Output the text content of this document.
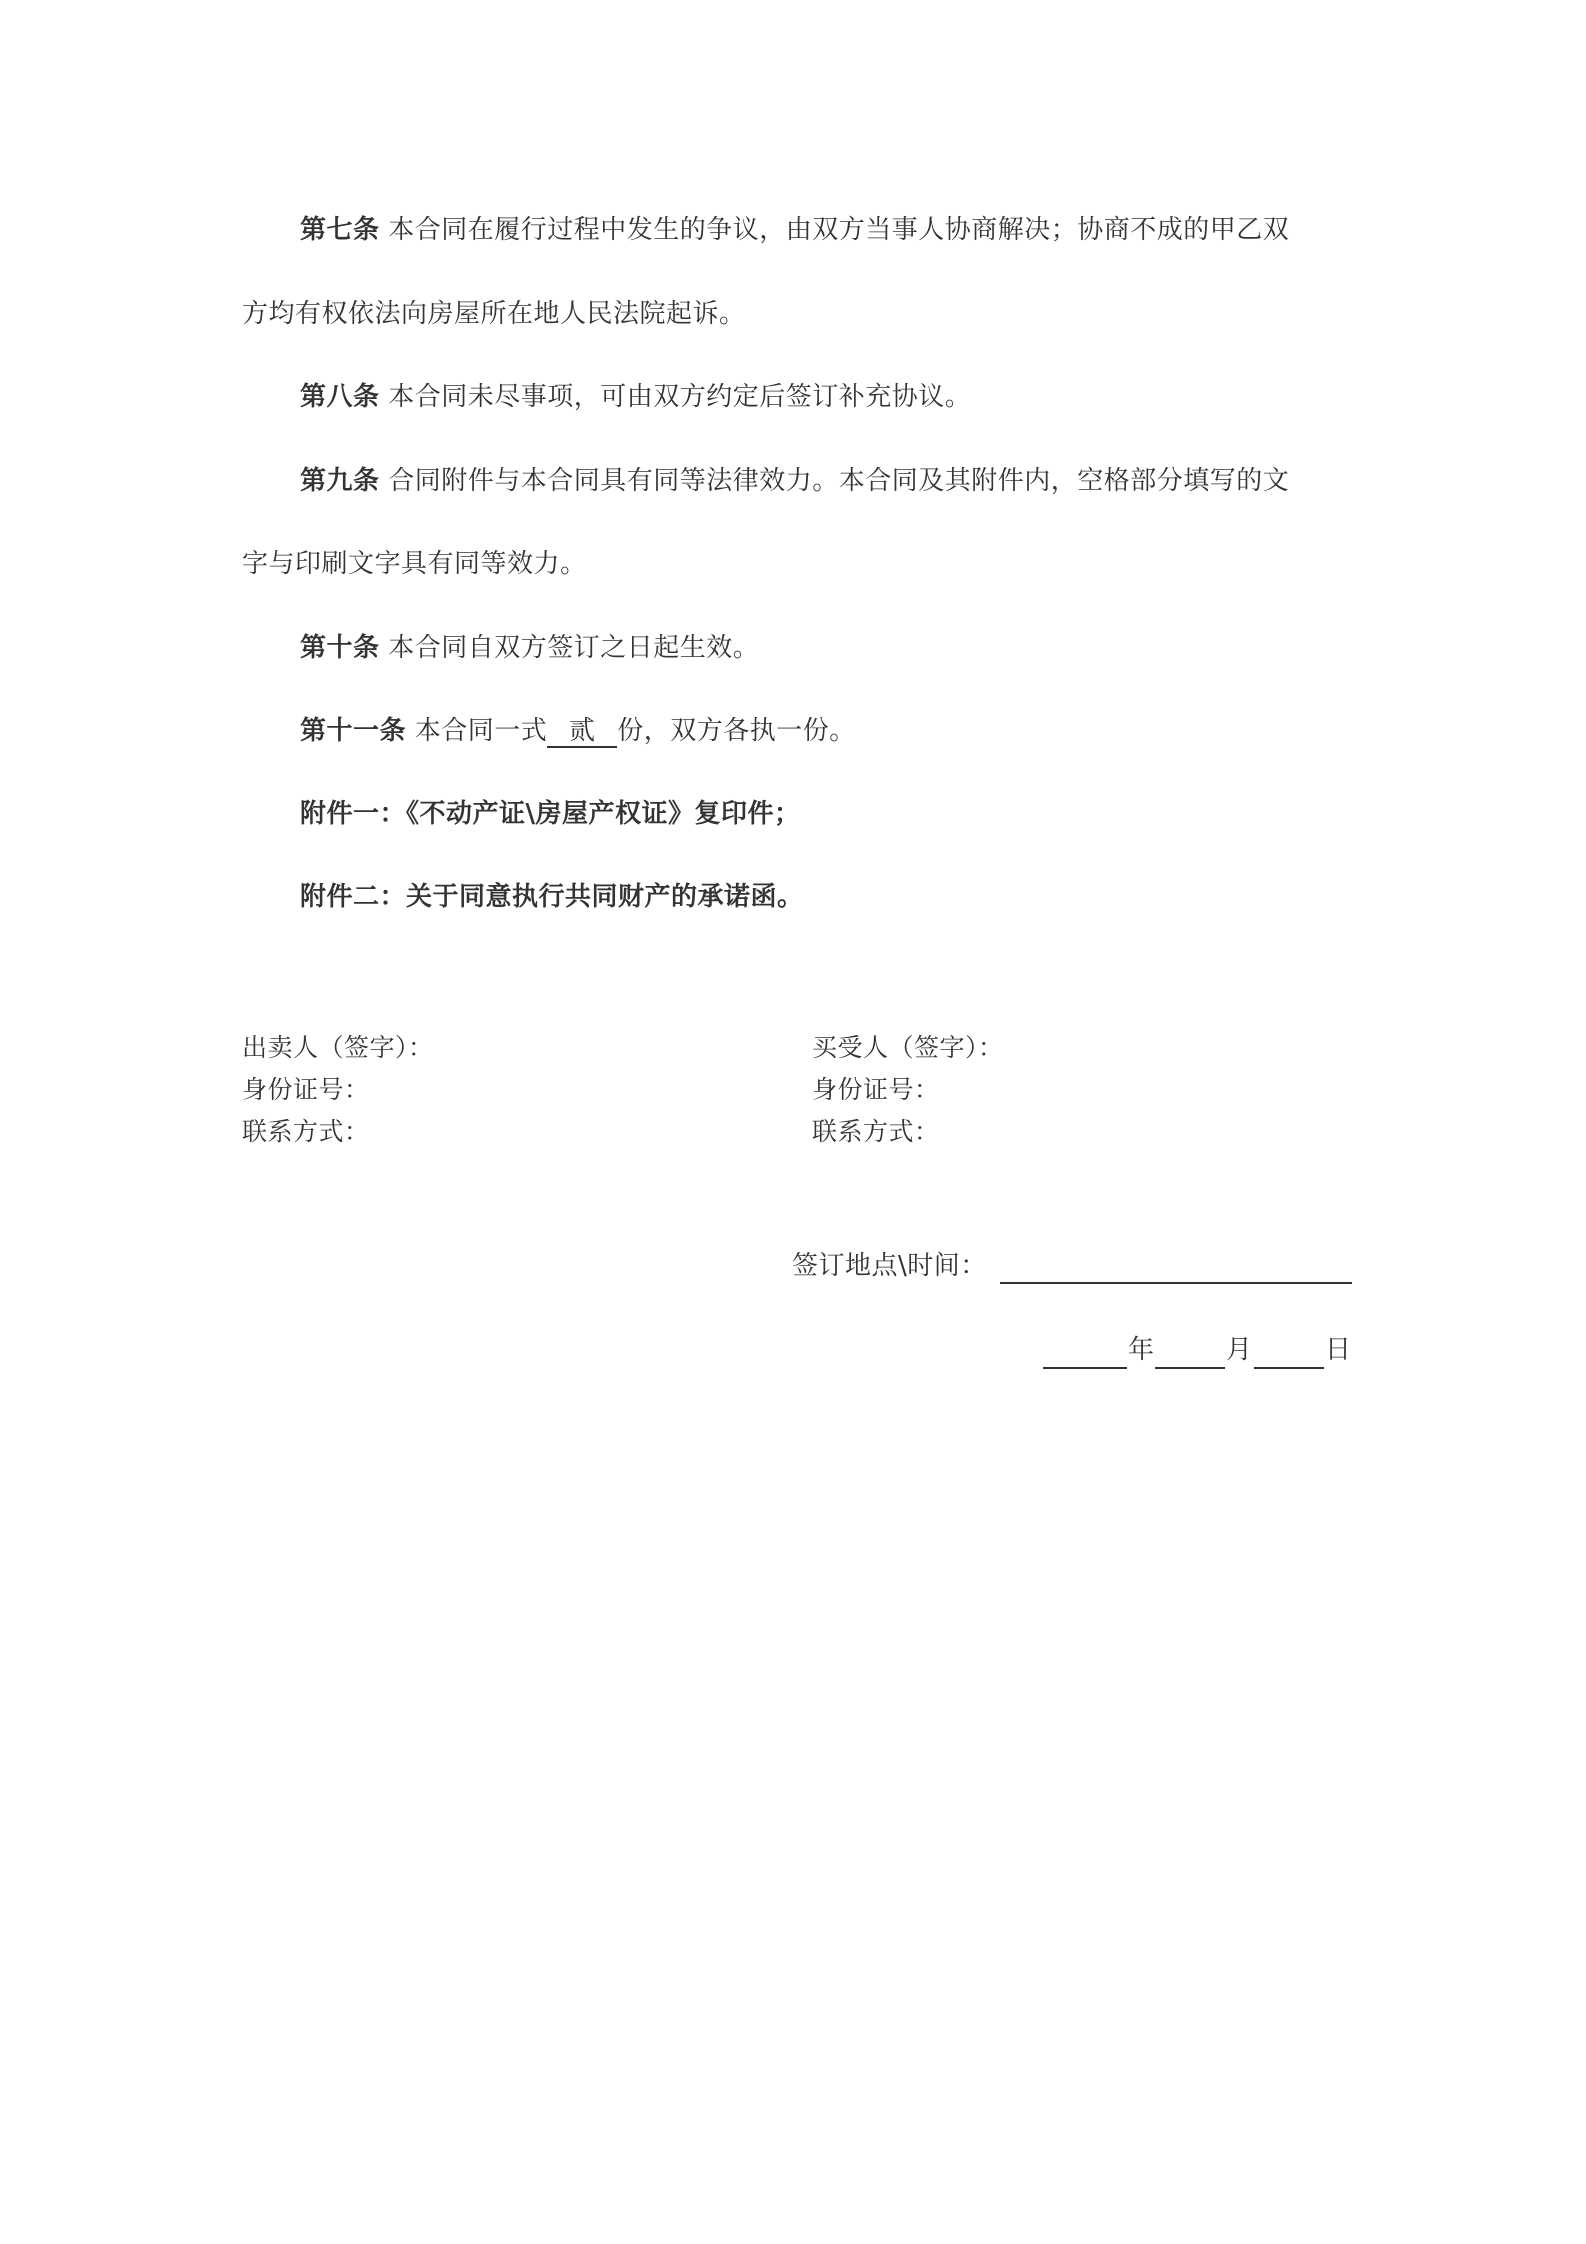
第七条 本合同在履行过程中发生的争议，由双方当事人协商解决；协商不成的甲乙双
方均有权依法向房屋所在地人民法院起诉。
第八条 本合同未尽事项，可由双方约定后签订补充协议。
第九条 合同附件与本合同具有同等法律效力。本合同及其附件内，空格部分填写的文
字与印刷文字具有同等效力。
第十条 本合同自双方签订之日起生效。
第十一条 本合同一式 贰 份，双方各执一份。
附件一：《不动产证\房屋产权证》复印件；
附件二：关于同意执行共同财产的承诺函。
出卖人（签字）：
身份证号：
联系方式：
买受人（签字）：
身份证号：
联系方式：
签订地点\时间：
年	月	日
